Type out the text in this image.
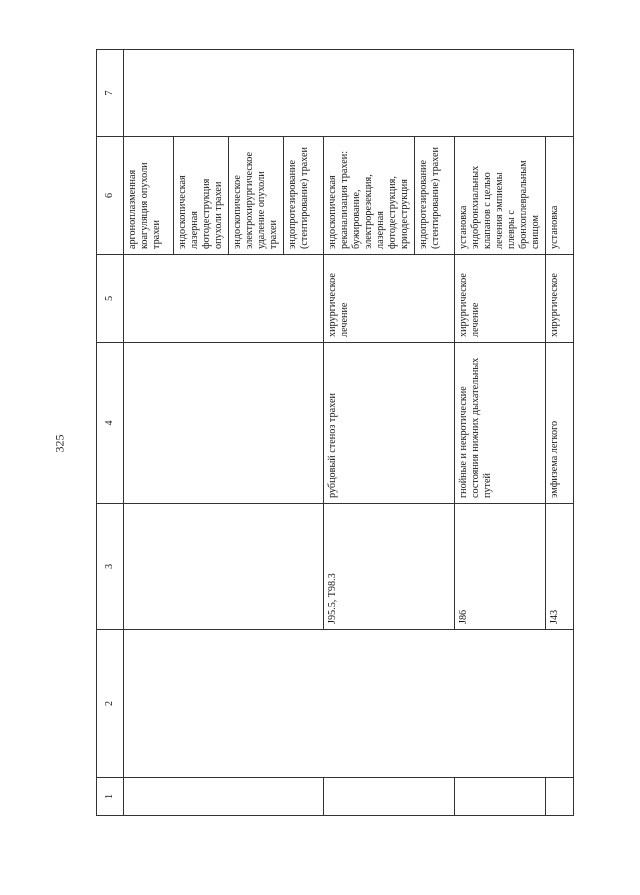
325
1	2	3	4	5	6	7
					аргоноплазменная коагуляция опухоли трахеи	
					эндоскопическая лазерная фотодеструкция опухоли трахеи	
					эндоскопическое электрохирургическое удаление опухоли трахеи	
					эндопротезирование (стентирование) трахеи	
		J95.5, T98.3	рубцовый стеноз трахеи	хирургическое лечение	эндоскопическая реканализация трахеи: бужирование, электрорезекция, лазерная фотодеструкция, криодеструкция	
					эндопротезирование (стентирование) трахеи	
		J86	гнойные и некротические состояния нижних дыхательных путей	хирургическое лечение	установка эндобронхиальных клапанов с целью лечения эмпиемы плевры с бронхоплевральным свищом	
		J43	эмфизема легкого	хирургическое	установка	
